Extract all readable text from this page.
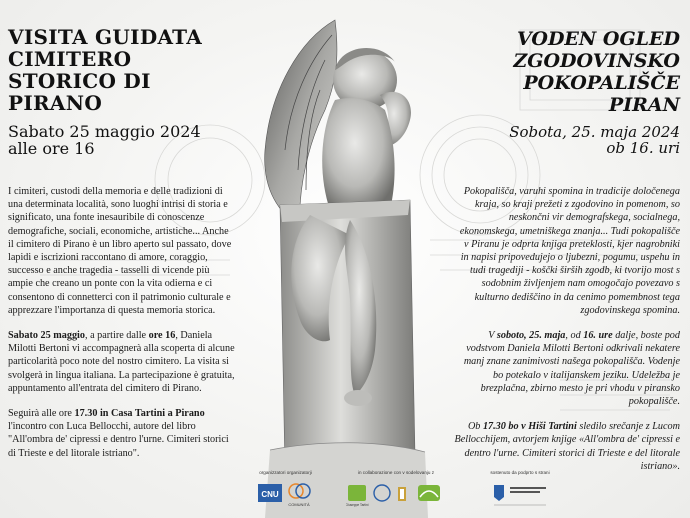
VISITA GUIDATA
CIMITERO
STORICO DI
PIRANO
Sabato 25 maggio 2024
alle ore 16
VODEN OGLED
ZGODOVINSKO
POKOPALIŠČE
PIRAN
Sobota, 25. maja 2024
ob 16. uri

I cimiteri, custodi della memoria e delle tradizioni di una determinata località, sono luoghi intrisi di storia e significato, una fonte inesauribile di conoscenze demografiche, sociali, economiche, artistiche... Anche il cimitero di Pirano è un libro aperto sul passato, dove lapidi e iscrizioni raccontano di amore, coraggio, successo e anche tragedia - tasselli di vicende più ampie che creano un ponte con la vita odierna e ci consentono di connetterci con il patrimonio culturale e apprezzare l'importanza di questa memoria storica.

Sabato 25 maggio, a partire dalle ore 16, Daniela Milotti Bertoni vi accompagnerà alla scoperta di alcune particolarità poco note del nostro cimitero. La visita si svolgerà in lingua italiana. La partecipazione è gratuita, appuntamento all'entrata del cimitero di Pirano.

Seguirà alle ore 17.30 in Casa Tartini a Pirano l'incontro con Luca Bellocchi, autore del libro "All'ombra de' cipressi e dentro l'urne. Cimiteri storici di Trieste e del litorale istriano".

Pokopališča, varuhi spomina in tradicije določenega kraja, so kraji prežeti z zgodovino in pomenom, so neskončni vir demografskega, socialnega, ekonomskega, umetniškega znanja... Tudi pokopališče v Piranu je odprta knjiga preteklosti, kjer nagrobniki in napisi pripovedujejo o ljubezni, pogumu, uspehu in tudi tragediji - koščki širših zgodb, ki tvorijo most s sodobnim življenjem nam omogočajo povezavo s kulturno dediščino in da cenimo pomembnost tega zgodovinskega spomina.

V soboto, 25. maja, od 16. ure dalje, boste pod vodstvom Daniela Milotti Bertoni odkrivali nekatere manj znane zanimivosti našega pokopališča. Vodenje bo potekalo v italijanskem jeziku. Udeležba je brezplačna, zbirno mesto je pri vhodu v piransko pokopališče.

Ob 17.30 bo v Hiši Tartini sledilo srečanje z Lucom Bellocchijem, avtorjem knjige «All'ombra de' cipressi e dentro l'urne. Cimiteri storici di Trieste e del litorale istriano».

organizzatori organizatorji
CNU
COMUNITÀ
in collaborazione con v sodelovanju z
Giuseppe Tartini
sostenuto da podprto s strani
